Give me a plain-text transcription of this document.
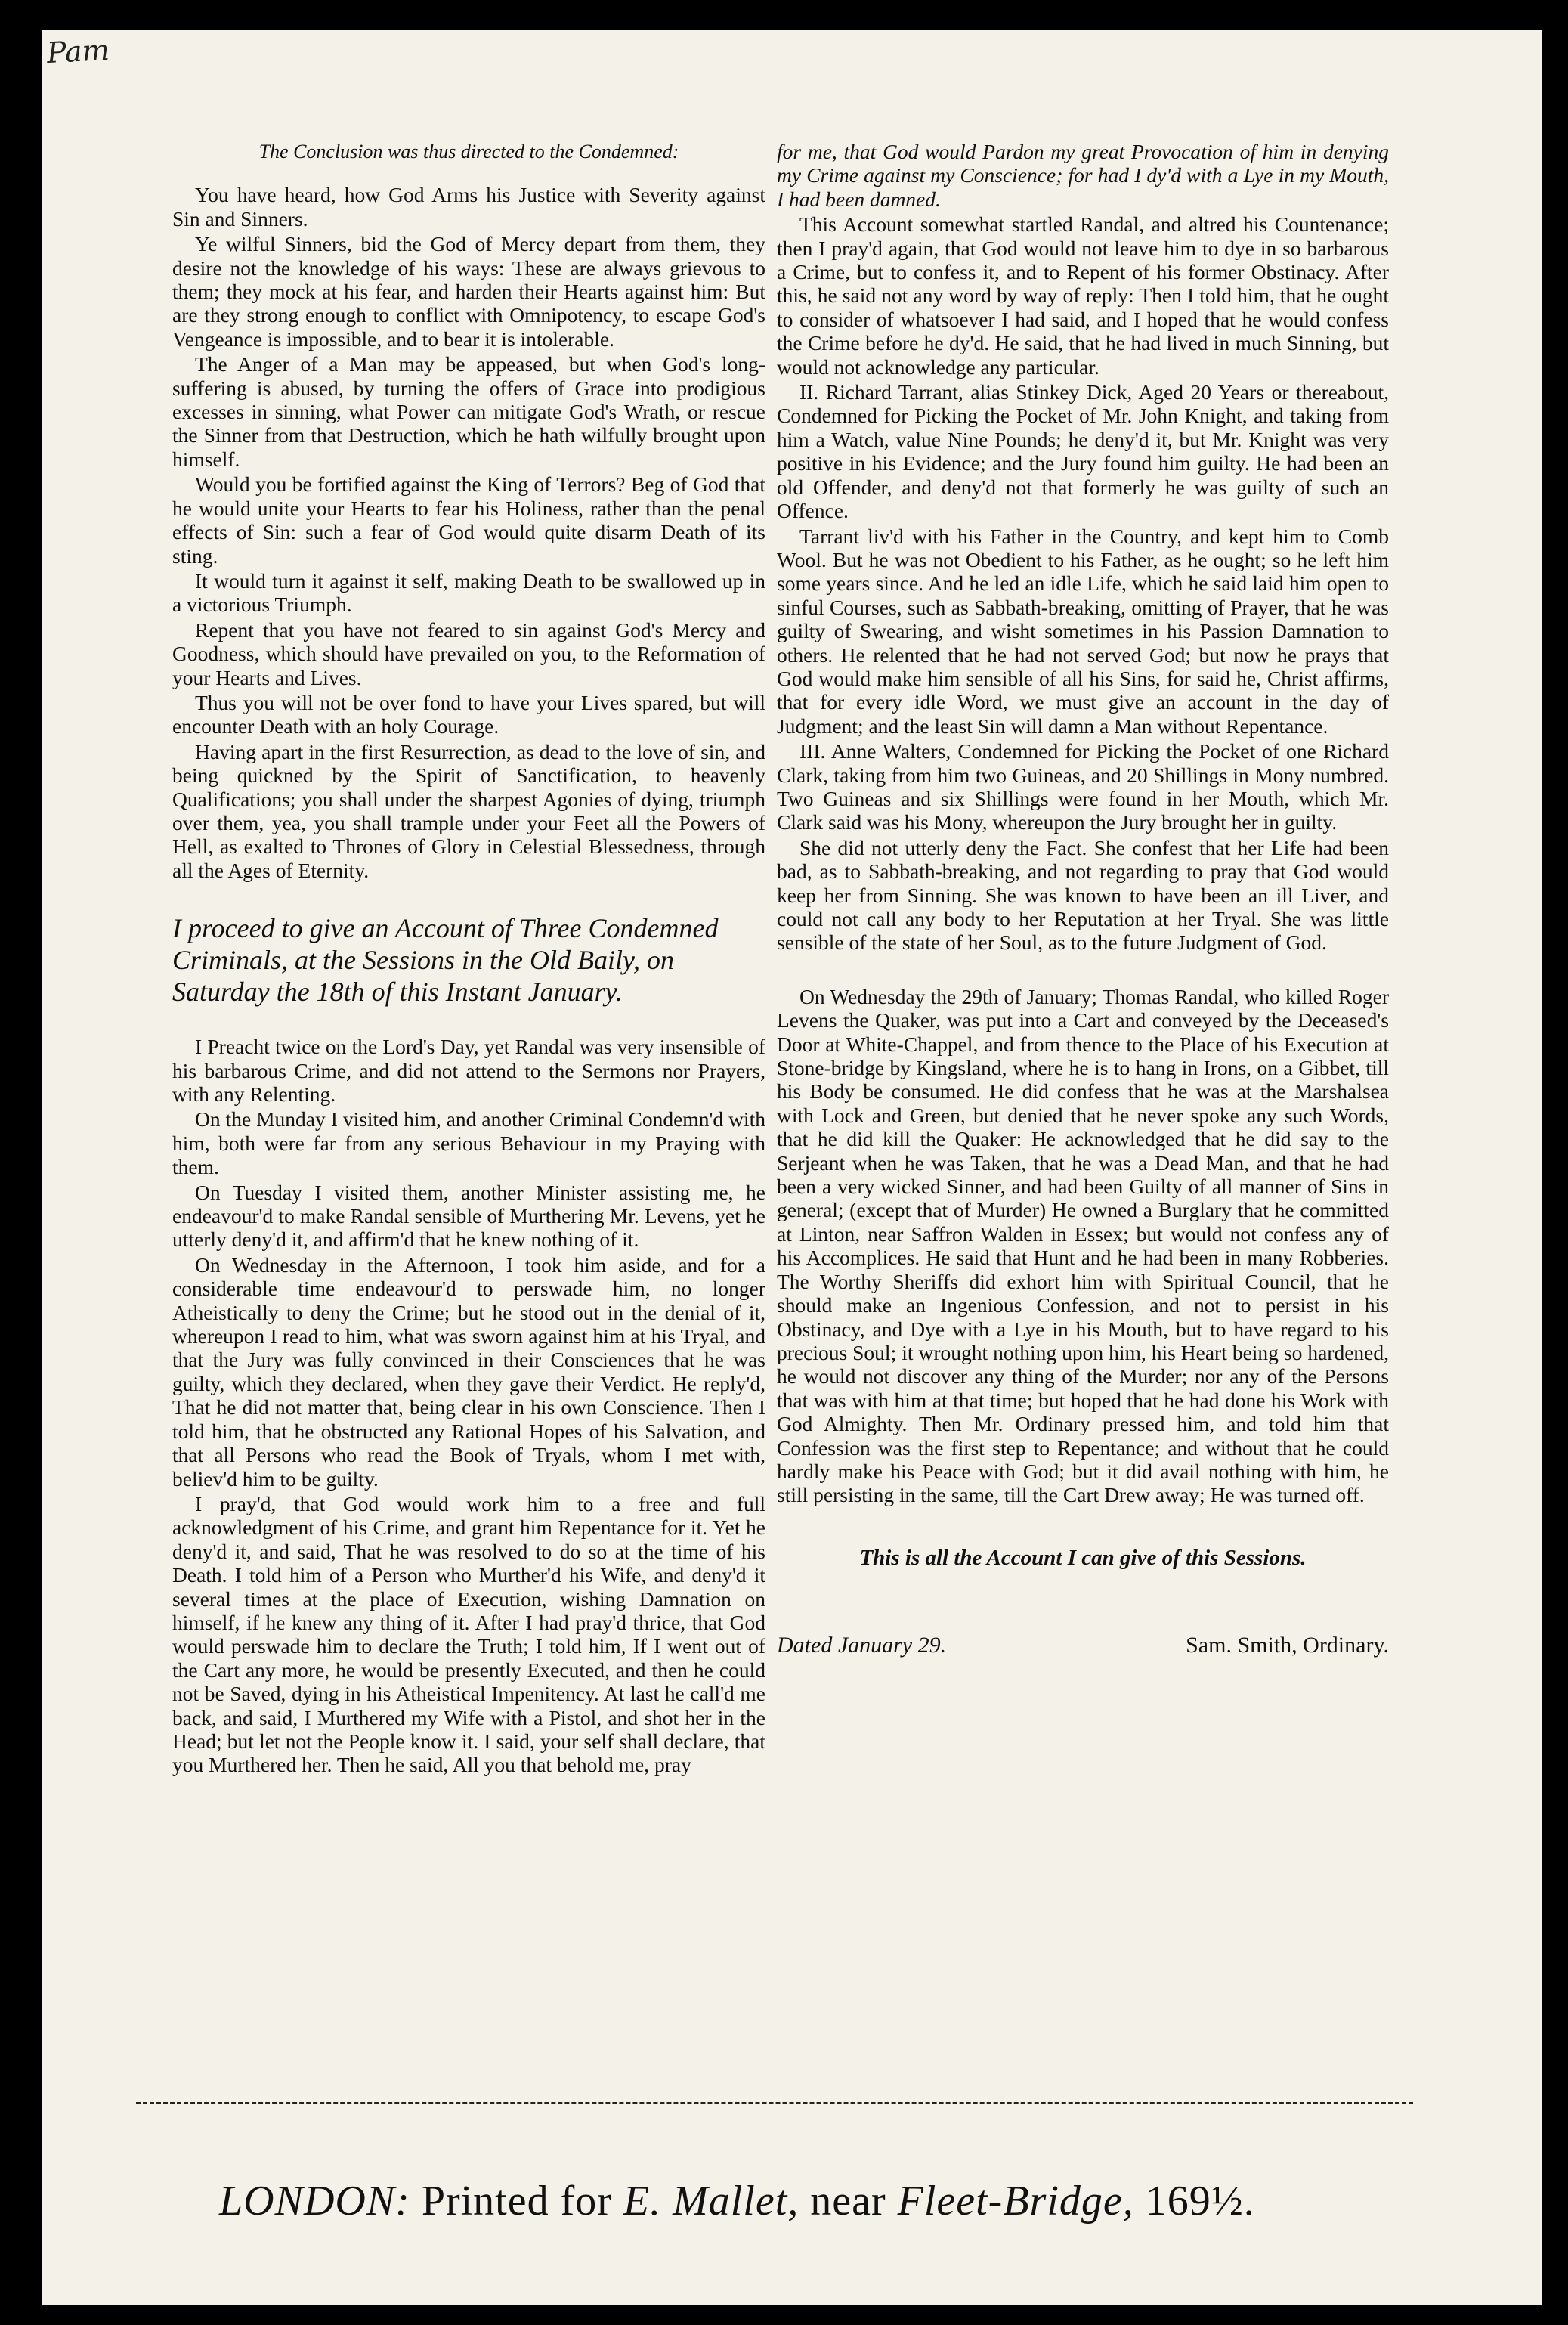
Pam

The Conclusion was thus directed to the Condemned:

You have heard, how God Arms his Justice with Severity against Sin and Sinners.

Ye wilful Sinners, bid the God of Mercy depart from them, they desire not the knowledge of his ways: These are always grievous to them; they mock at his fear, and harden their Hearts against him: But are they strong enough to conflict with Omnipotency, to escape God's Vengeance is impossible, and to bear it is intolerable.

The Anger of a Man may be appeased, but when God's long-suffering is abused, by turning the offers of Grace into prodigious excesses in sinning, what Power can mitigate God's Wrath, or rescue the Sinner from that Destruction, which he hath wilfully brought upon himself.

Would you be fortified against the King of Terrors? Beg of God that he would unite your Hearts to fear his Holiness, rather than the penal effects of Sin: such a fear of God would quite disarm Death of its sting.

It would turn it against it self, making Death to be swallowed up in a victorious Triumph.

Repent that you have not feared to sin against God's Mercy and Goodness, which should have prevailed on you, to the Reformation of your Hearts and Lives.

Thus you will not be over fond to have your Lives spared, but will encounter Death with an holy Courage.

Having apart in the first Resurrection, as dead to the love of sin, and being quickned by the Spirit of Sanctification, to heavenly Qualifications; you shall under the sharpest Agonies of dying, triumph over them, yea, you shall trample under your Feet all the Powers of Hell, as exalted to Thrones of Glory in Celestial Blessedness, through all the Ages of Eternity.

I proceed to give an Account of Three Condemned Criminals, at the Sessions in the Old Baily, on Saturday the 18th of this Instant January.

I Preacht twice on the Lord's Day, yet Randal was very insensible of his barbarous Crime, and did not attend to the Sermons nor Prayers, with any Relenting.

On the Munday I visited him, and another Criminal Condemn'd with him, both were far from any serious Behaviour in my Praying with them.

On Tuesday I visited them, another Minister assisting me, he endeavour'd to make Randal sensible of Murthering Mr. Levens, yet he utterly deny'd it, and affirm'd that he knew nothing of it.

On Wednesday in the Afternoon, I took him aside, and for a considerable time endeavour'd to perswade him, no longer Atheistically to deny the Crime; but he stood out in the denial of it, whereupon I read to him, what was sworn against him at his Tryal, and that the Jury was fully convinced in their Consciences that he was guilty, which they declared, when they gave their Verdict. He reply'd, That he did not matter that, being clear in his own Conscience. Then I told him, that he obstructed any Rational Hopes of his Salvation, and that all Persons who read the Book of Tryals, whom I met with, believ'd him to be guilty.

I pray'd, that God would work him to a free and full acknowledgment of his Crime, and grant him Repentance for it. Yet he deny'd it, and said, That he was resolved to do so at the time of his Death. I told him of a Person who Murther'd his Wife, and deny'd it several times at the place of Execution, wishing Damnation on himself, if he knew any thing of it. After I had pray'd thrice, that God would perswade him to declare the Truth; I told him, If I went out of the Cart any more, he would be presently Executed, and then he could not be Saved, dying in his Atheistical Impenitency. At last he call'd me back, and said, I Murthered my Wife with a Pistol, and shot her in the Head; but let not the People know it. I said, your self shall declare, that you Murthered her. Then he said, All you that behold me, pray

for me, that God would Pardon my great Provocation of him in denying my Crime against my Conscience; for had I dy'd with a Lye in my Mouth, I had been damned.

This Account somewhat startled Randal, and altred his Countenance; then I pray'd again, that God would not leave him to dye in so barbarous a Crime, but to confess it, and to Repent of his former Obstinacy. After this, he said not any word by way of reply: Then I told him, that he ought to consider of whatsoever I had said, and I hoped that he would confess the Crime before he dy'd. He said, that he had lived in much Sinning, but would not acknowledge any particular.

II. Richard Tarrant, alias Stinkey Dick, Aged 20 Years or thereabout, Condemned for Picking the Pocket of Mr. John Knight, and taking from him a Watch, value Nine Pounds; he deny'd it, but Mr. Knight was very positive in his Evidence; and the Jury found him guilty. He had been an old Offender, and deny'd not that formerly he was guilty of such an Offence.

Tarrant liv'd with his Father in the Country, and kept him to Comb Wool. But he was not Obedient to his Father, as he ought; so he left him some years since. And he led an idle Life, which he said laid him open to sinful Courses, such as Sabbath-breaking, omitting of Prayer, that he was guilty of Swearing, and wisht sometimes in his Passion Damnation to others. He relented that he had not served God; but now he prays that God would make him sensible of all his Sins, for said he, Christ affirms, that for every idle Word, we must give an account in the day of Judgment; and the least Sin will damn a Man without Repentance.

III. Anne Walters, Condemned for Picking the Pocket of one Richard Clark, taking from him two Guineas, and 20 Shillings in Mony numbred. Two Guineas and six Shillings were found in her Mouth, which Mr. Clark said was his Mony, whereupon the Jury brought her in guilty.

She did not utterly deny the Fact. She confest that her Life had been bad, as to Sabbath-breaking, and not regarding to pray that God would keep her from Sinning. She was known to have been an ill Liver, and could not call any body to her Reputation at her Tryal. She was little sensible of the state of her Soul, as to the future Judgment of God.

On Wednesday the 29th of January; Thomas Randal, who killed Roger Levens the Quaker, was put into a Cart and conveyed by the Deceased's Door at White-Chappel, and from thence to the Place of his Execution at Stone-bridge by Kingsland, where he is to hang in Irons, on a Gibbet, till his Body be consumed. He did confess that he was at the Marshalsea with Lock and Green, but denied that he never spoke any such Words, that he did kill the Quaker: He acknowledged that he did say to the Serjeant when he was Taken, that he was a Dead Man, and that he had been a very wicked Sinner, and had been Guilty of all manner of Sins in general; (except that of Murder) He owned a Burglary that he committed at Linton, near Saffron Walden in Essex; but would not confess any of his Accomplices. He said that Hunt and he had been in many Robberies. The Worthy Sheriffs did exhort him with Spiritual Council, that he should make an Ingenious Confession, and not to persist in his Obstinacy, and Dye with a Lye in his Mouth, but to have regard to his precious Soul; it wrought nothing upon him, his Heart being so hardened, he would not discover any thing of the Murder; nor any of the Persons that was with him at that time; but hoped that he had done his Work with God Almighty. Then Mr. Ordinary pressed him, and told him that Confession was the first step to Repentance; and without that he could hardly make his Peace with God; but it did avail nothing with him, he still persisting in the same, till the Cart Drew away; He was turned off.

This is all the Account I can give of this Sessions.

Dated January 29.	Sam. Smith, Ordinary.
LONDON: Printed for E. Mallet, near Fleet-Bridge, 169½.
